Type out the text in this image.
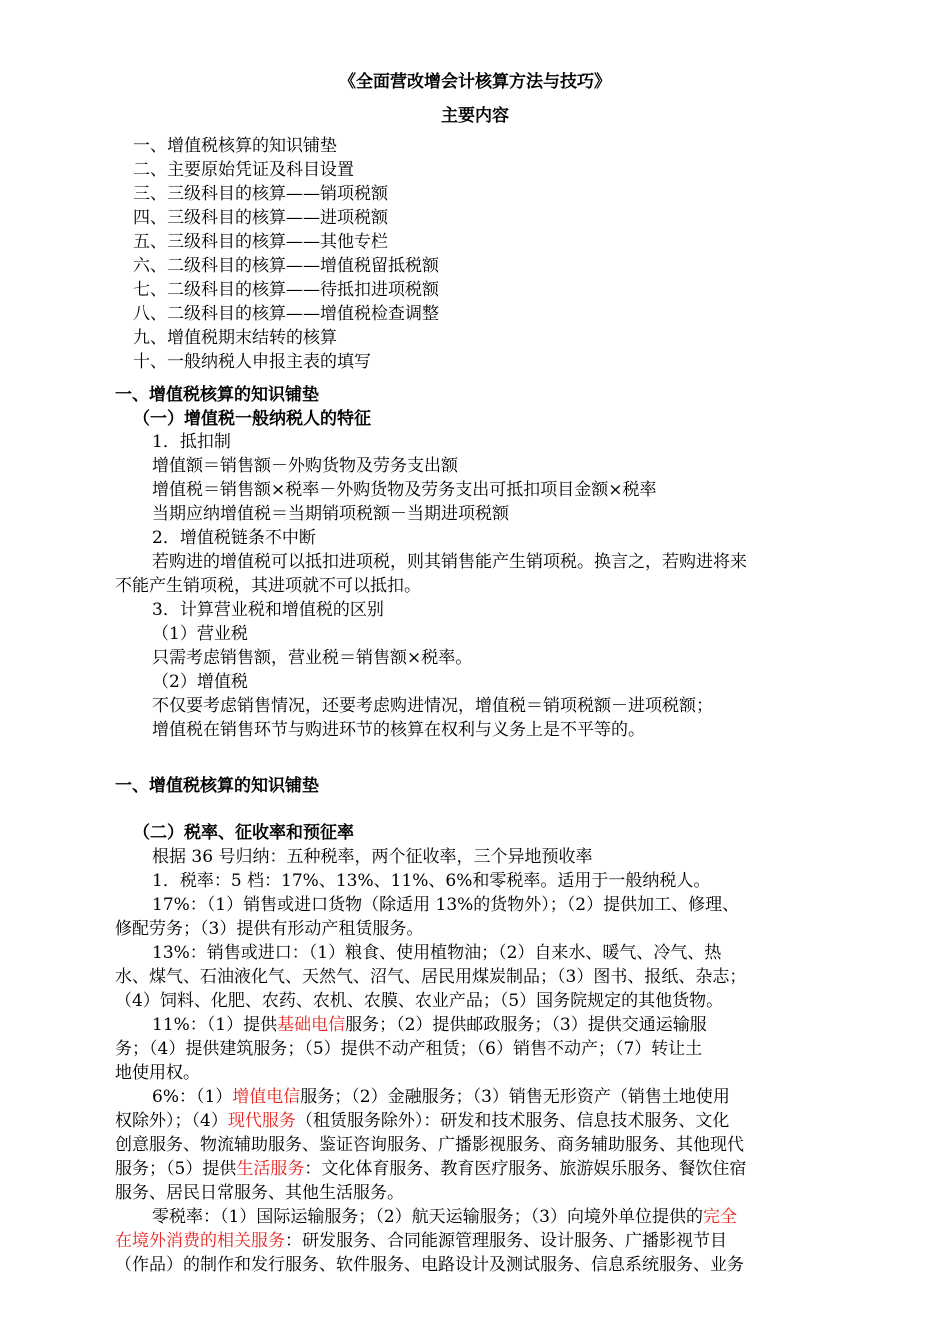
《全面营改增会计核算方法与技巧》
主要内容
一、增值税核算的知识铺垫
二、主要原始凭证及科目设置
三、三级科目的核算——销项税额
四、三级科目的核算——进项税额
五、三级科目的核算——其他专栏
六、二级科目的核算——增值税留抵税额
七、二级科目的核算——待抵扣进项税额
八、二级科目的核算——增值税检查调整
九、增值税期末结转的核算
十、一般纳税人申报主表的填写
一、增值税核算的知识铺垫
（一）增值税一般纳税人的特征
1．抵扣制
增值额＝销售额－外购货物及劳务支出额
增值税＝销售额×税率－外购货物及劳务支出可抵扣项目金额×税率
当期应纳增值税＝当期销项税额－当期进项税额
2．增值税链条不中断
若购进的增值税可以抵扣进项税，则其销售能产生销项税。换言之，若购进将来
不能产生销项税，其进项就不可以抵扣。
3．计算营业税和增值税的区别
（1）营业税
只需考虑销售额，营业税＝销售额×税率。
（2）增值税
不仅要考虑销售情况，还要考虑购进情况，增值税＝销项税额－进项税额；
增值税在销售环节与购进环节的核算在权利与义务上是不平等的。
一、增值税核算的知识铺垫
（二）税率、征收率和预征率
根据 36 号归纳：五种税率，两个征收率，三个异地预收率
1．税率：5 档：17%、13%、11%、6%和零税率。适用于一般纳税人。
17%：（1）销售或进口货物（除适用 13%的货物外）；（2）提供加工、修理、
修配劳务；（3）提供有形动产租赁服务。
13%：销售或进口：（1）粮食、使用植物油；（2）自来水、暖气、冷气、热
水、煤气、石油液化气、天然气、沼气、居民用煤炭制品；（3）图书、报纸、杂志；
（4）饲料、化肥、农药、农机、农膜、农业产品；（5）国务院规定的其他货物。
11%：（1）提供基础电信服务；（2）提供邮政服务；（3）提供交通运输服
务；（4）提供建筑服务；（5）提供不动产租赁；（6）销售不动产；（7）转让土
地使用权。
6%：（1）增值电信服务；（2）金融服务；（3）销售无形资产（销售土地使用
权除外）；（4）现代服务（租赁服务除外）：研发和技术服务、信息技术服务、文化
创意服务、物流辅助服务、鉴证咨询服务、广播影视服务、商务辅助服务、其他现代
服务；（5）提供生活服务：文化体育服务、教育医疗服务、旅游娱乐服务、餐饮住宿
服务、居民日常服务、其他生活服务。
零税率：（1）国际运输服务；（2）航天运输服务；（3）向境外单位提供的完全
在境外消费的相关服务：研发服务、合同能源管理服务、设计服务、广播影视节目
（作品）的制作和发行服务、软件服务、电路设计及测试服务、信息系统服务、业务
